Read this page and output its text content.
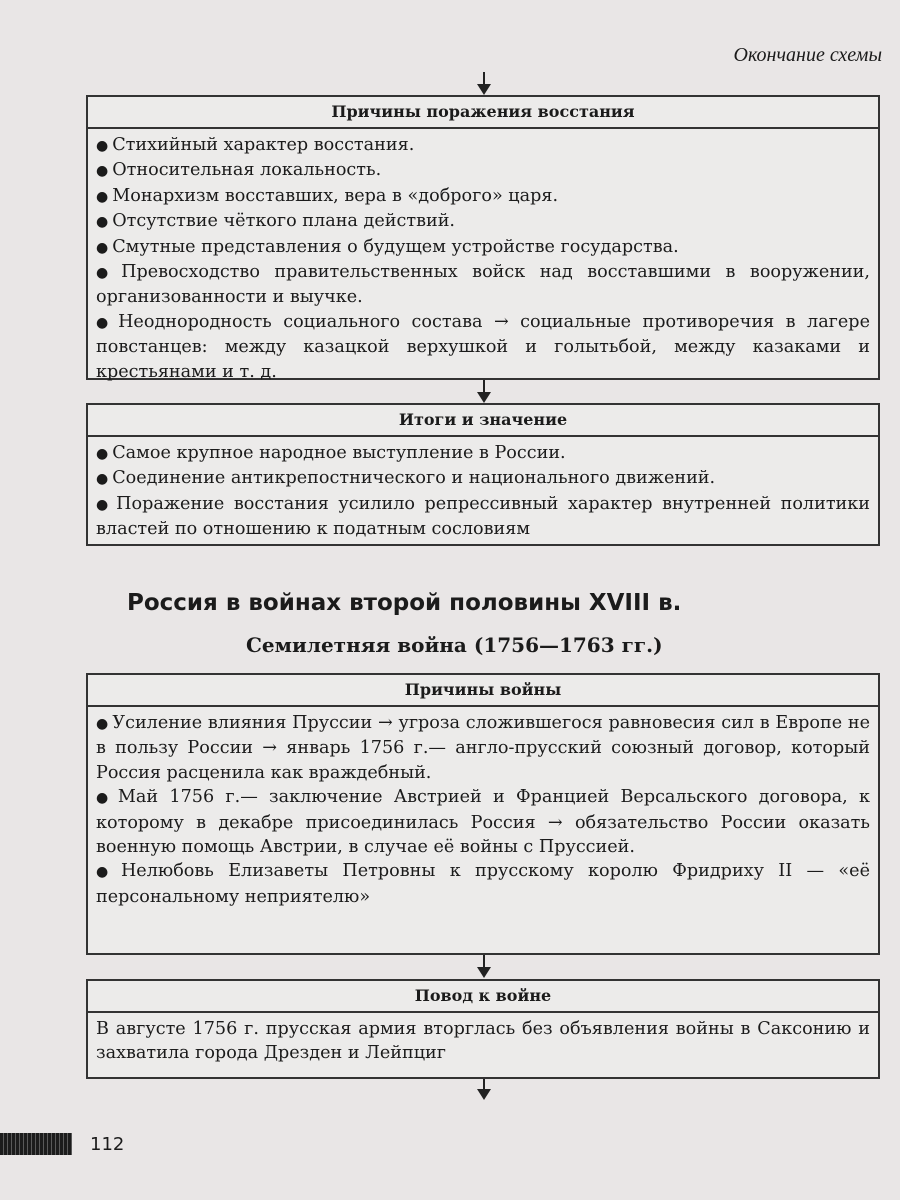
Окончание схемы
Причины поражения восстания

● Стихийный характер восстания.

● Относительная локальность.

● Монархизм восставших, вера в «доброго» царя.

● Отсутствие чёткого плана действий.

● Смутные представления о будущем устройстве государства.

● Превосходство правительственных войск над восставшими в вооружении, организованности и выучке.

● Неоднородность социального состава → социальные противоречия в лагере повстанцев: между казацкой верхушкой и голытьбой, между казаками и крестьянами и т. д.

Итоги и значение

● Самое крупное народное выступление в России.

● Соединение антикрепостнического и национального движений.

● Поражение восстания усилило репрессивный характер внутренней политики властей по отношению к податным сословиям

Россия в войнах второй половины XVIII в.
Семилетняя война (1756—1763 гг.)
Причины войны

● Усиление влияния Пруссии → угроза сложившегося равновесия сил в Европе не в пользу России → январь 1756 г.— англо-прусский союзный договор, который Россия расценила как враждебный.

● Май 1756 г.— заключение Австрией и Францией Версальского договора, к которому в декабре присоединилась Россия → обязательство России оказать военную помощь Австрии, в случае её войны с Пруссией.

● Нелюбовь Елизаветы Петровны к прусскому королю Фридриху II — «её персональному неприятелю»

Повод к войне

В августе 1756 г. прусская армия вторглась без объявления войны в Саксонию и захватила города Дрезден и Лейпциг

112
